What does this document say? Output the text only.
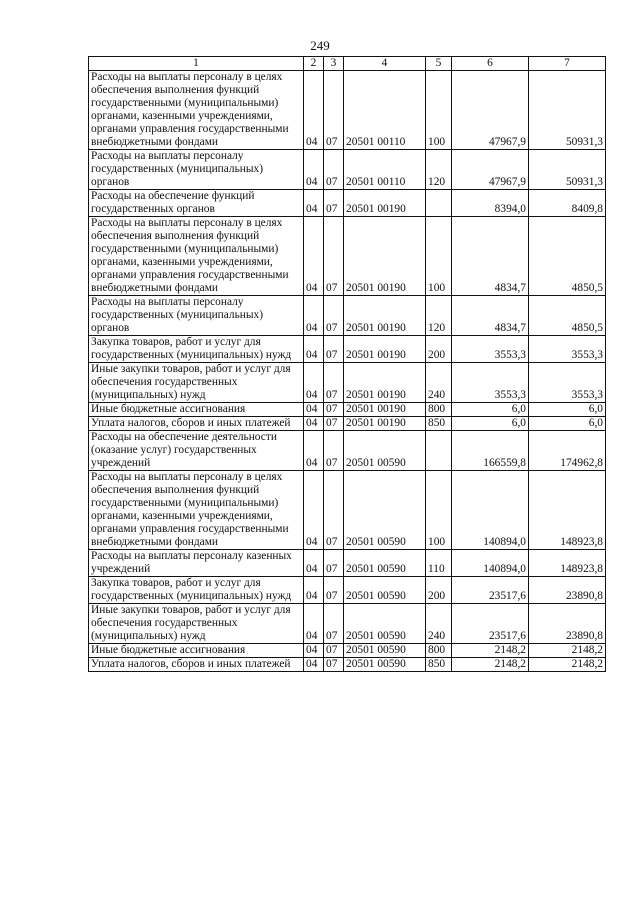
249
1	2	3	4	5	6	7
Расходы на выплаты персоналу в целях обеспечения выполнения функций государственными (муниципальными) органами, казенными учреждениями, органами управления государственными внебюджетными фондами	04	07	20501 00110	100	47967,9	50931,3
Расходы на выплаты персоналу государственных (муниципальных) органов	04	07	20501 00110	120	47967,9	50931,3
Расходы на обеспечение функций государственных органов	04	07	20501 00190		8394,0	8409,8
Расходы на выплаты персоналу в целях обеспечения выполнения функций государственными (муниципальными) органами, казенными учреждениями, органами управления государственными внебюджетными фондами	04	07	20501 00190	100	4834,7	4850,5
Расходы на выплаты персоналу государственных (муниципальных) органов	04	07	20501 00190	120	4834,7	4850,5
Закупка товаров, работ и услуг для государственных (муниципальных) нужд	04	07	20501 00190	200	3553,3	3553,3
Иные закупки товаров, работ и услуг для обеспечения государственных (муниципальных) нужд	04	07	20501 00190	240	3553,3	3553,3
Иные бюджетные ассигнования	04	07	20501 00190	800	6,0	6,0
Уплата налогов, сборов и иных платежей	04	07	20501 00190	850	6,0	6,0
Расходы на обеспечение деятельности (оказание услуг) государственных учреждений	04	07	20501 00590		166559,8	174962,8
Расходы на выплаты персоналу в целях обеспечения выполнения функций государственными (муниципальными) органами, казенными учреждениями, органами управления государственными внебюджетными фондами	04	07	20501 00590	100	140894,0	148923,8
Расходы на выплаты персоналу казенных учреждений	04	07	20501 00590	110	140894,0	148923,8
Закупка товаров, работ и услуг для государственных (муниципальных) нужд	04	07	20501 00590	200	23517,6	23890,8
Иные закупки товаров, работ и услуг для обеспечения государственных (муниципальных) нужд	04	07	20501 00590	240	23517,6	23890,8
Иные бюджетные ассигнования	04	07	20501 00590	800	2148,2	2148,2
Уплата налогов, сборов и иных платежей	04	07	20501 00590	850	2148,2	2148,2
